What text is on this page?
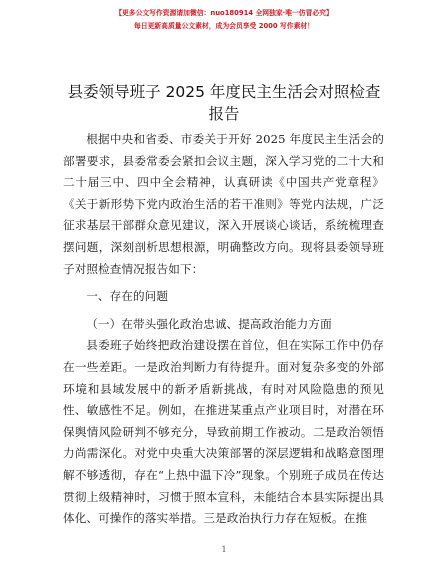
【更多公文写作资源请加微信：nuo180914 全网独家·唯一仿冒必究】
每日更新高质量公文素材，成为会员享受 2000 写作素材！
县委领导班子 2025 年度民主生活会对照检查报告

根据中央和省委、市委关于开好 2025 年度民主生活会的部署要求，县委常委会紧扣会议主题，深入学习党的二十大和二十届三中、四中全会精神，认真研读《中国共产党章程》《关于新形势下党内政治生活的若干准则》等党内法规，广泛征求基层干部群众意见建议，深入开展谈心谈话，系统梳理查摆问题，深刻剖析思想根源，明确整改方向。现将县委领导班子对照检查情况报告如下：

一、存在的问题

（一）在带头强化政治忠诚、提高政治能力方面

县委班子始终把政治建设摆在首位，但在实际工作中仍存在一些差距。一是政治判断力有待提升。面对复杂多变的外部环境和县域发展中的新矛盾新挑战，有时对风险隐患的预见性、敏感性不足。例如，在推进某重点产业项目时，对潜在环保舆情风险研判不够充分，导致前期工作被动。二是政治领悟力尚需深化。对党中央重大决策部署的深层逻辑和战略意图理解不够透彻，存在“上热中温下冷”现象。个别班子成员在传达贯彻上级精神时，习惯于照本宣科，未能结合本县实际提出具体化、可操作的落实举措。三是政治执行力存在短板。在推

1
